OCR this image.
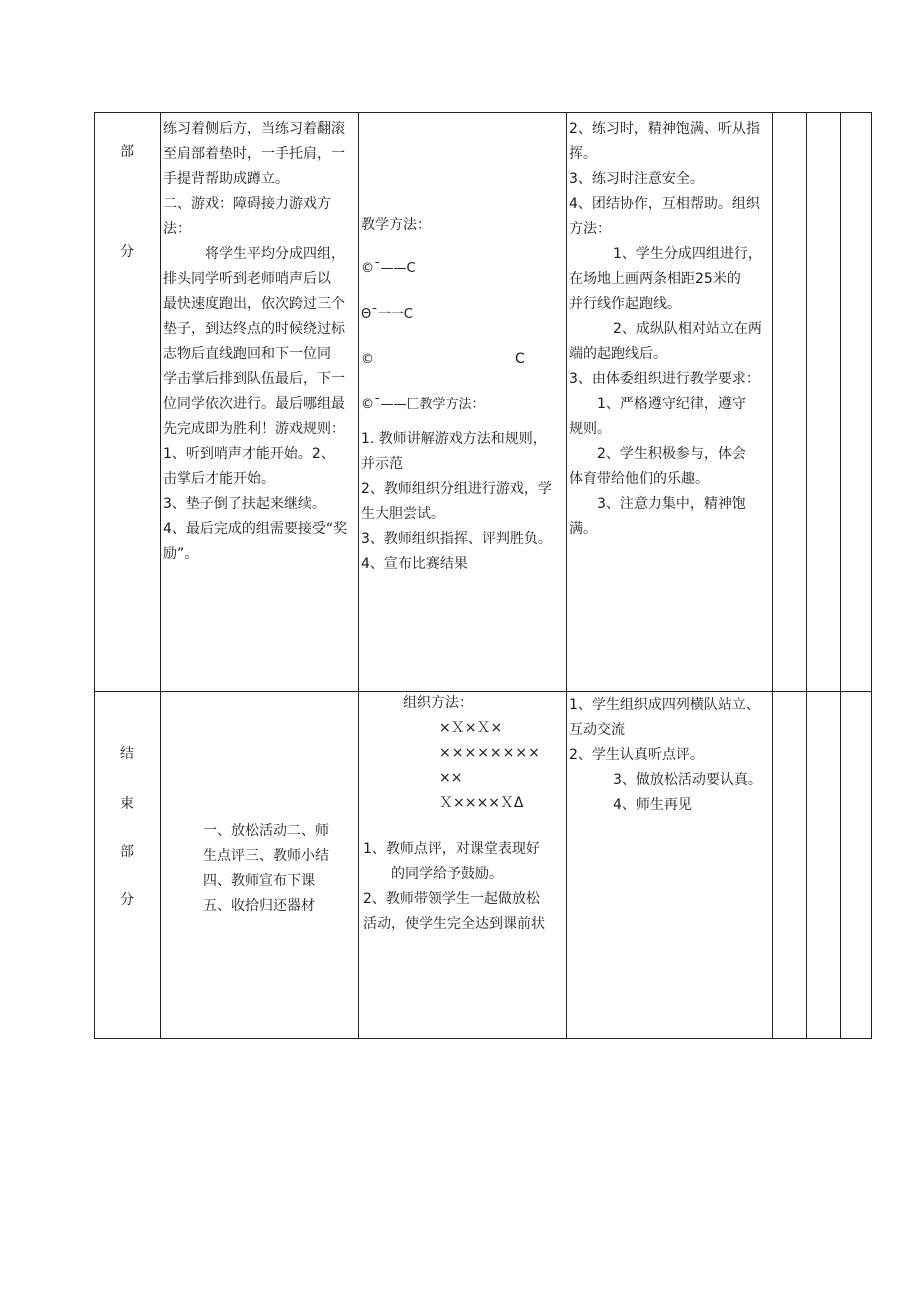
部
分

练习着侧后方，当练习着翻滚

至肩部着垫时，一手托肩，一

手提背帮助成蹲立。

二、游戏：障碍接力游戏方法：

将学生平均分成四组，

排头同学听到老师哨声后以

最快速度跑出，依次跨过三个

垫子，到达终点的时候绕过标

志物后直线跑回和下一位同

学击掌后排到队伍最后，下一

位同学依次进行。最后哪组最

先完成即为胜利！游戏规则：

1、听到哨声才能开始。2、

击掌后才能开始。

3、垫子倒了扶起来继续。

4、最后完成的组需要接受“奖

励”。

教学方法：
©¯——C
Θ¯一一C
©	C
©¯——匚教学方法：

1. 教师讲解游戏方法和规则，

并示范

2、教师组织分组进行游戏，学

生大胆尝试。

3、教师组织指挥、评判胜负。

4、宣布比赛结果

2、练习时，精神饱满、听从指

挥。

3、练习时注意安全。

4、团结协作，互相帮助。组织

方法：

1、学生分成四组进行，

在场地上画两条相距25米的

并行线作起跑线。

2、成纵队相对站立在两

端的起跑线后。

3、由体委组织进行教学要求：

1、严格遵守纪律，遵守

规则。

2、学生积极参与，体会

体育带给他们的乐趣。

3、注意力集中，精神饱

满。

结
束
部
分

一、放松活动二、师

生点评三、教师小结

四、教师宣布下课

五、收拾归还器材

组织方法：
×Ｘ×Ｘ×
××××××××
××
Ｘ××××ＸΔ

1、教师点评，对课堂表现好

的同学给予鼓励。

2、教师带领学生一起做放松

活动，使学生完全达到课前状

1、学生组织成四列横队站立、

互动交流

2、学生认真听点评。

3、做放松活动要认真。

4、师生再见
